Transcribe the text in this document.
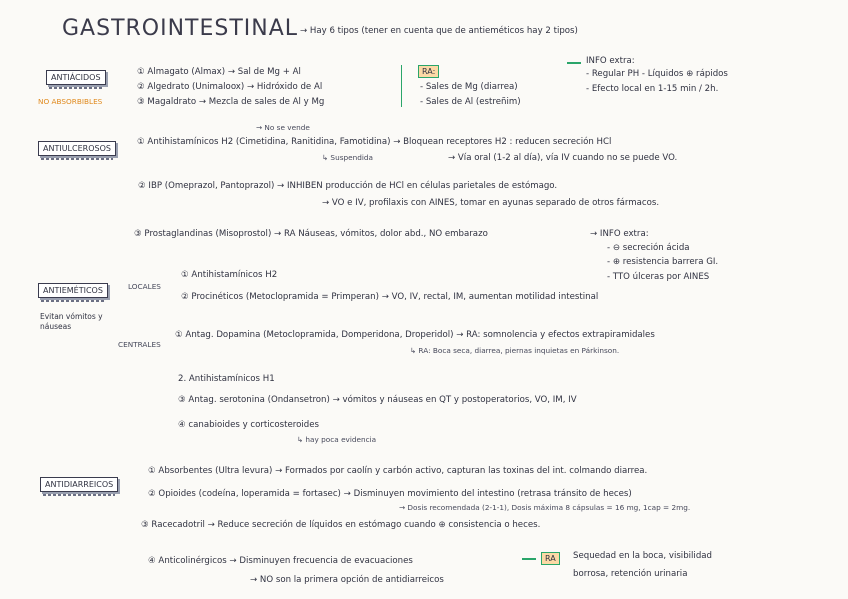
GASTROINTESTINAL → Hay 6 tipos (tener en cuenta que de antieméticos hay 2 tipos)
ANTIÁCIDOS
NO ABSORBIBLES
① Almagato (Almax) → Sal de Mg + Al
② Algedrato (Unimaloox) → Hidróxido de Al
③ Magaldrato → Mezcla de sales de Al y Mg
RA:
- Sales de Mg (diarrea)
- Sales de Al (estreñim)
INFO extra:
- Regular PH - Líquidos ⊕ rápidos
- Efecto local en 1-15 min / 2h.
ANTIULCEROSOS
→ No se vende
↳ Suspendida
① Antihistamínicos H2 (Cimetidina, Ranitidina, Famotidina) → Bloquean receptores H2 : reducen secreción HCl
→ Vía oral (1-2 al día), vía IV cuando no se puede VO.
② IBP (Omeprazol, Pantoprazol) → INHIBEN producción de HCl en células parietales de estómago.
→ VO e IV, profilaxis con AINES, tomar en ayunas separado de otros fármacos.
③ Prostaglandinas (Misoprostol) → RA Náuseas, vómitos, dolor abd., NO embarazo	→ INFO extra:
- ⊖ secreción ácida
- ⊕ resistencia barrera GI.
- TTO úlceras por AINES
ANTIEMÉTICOS
Evitan vómitos y náuseas
LOCALES
① Antihistamínicos H2
② Procinéticos (Metoclopramida = Primperan) → VO, IV, rectal, IM, aumentan motilidad intestinal
CENTRALES
① Antag. Dopamina (Metoclopramida, Domperidona, Droperidol) → RA: somnolencia y efectos extrapiramidales
↳ RA: Boca seca, diarrea, piernas inquietas en Párkinson.
2. Antihistamínicos H1
③ Antag. serotonina (Ondansetron) → vómitos y náuseas en QT y postoperatorios, VO, IM, IV
④ canabioides y corticosteroides
↳ hay poca evidencia
ANTIDIARREICOS
① Absorbentes (Ultra levura) → Formados por caolín y carbón activo, capturan las toxinas del int. colmando diarrea.
② Opioides (codeína, loperamida = fortasec) → Disminuyen movimiento del intestino (retrasa tránsito de heces)
→ Dosis recomendada (2-1-1), Dosis máxima 8 cápsulas = 16 mg, 1cap = 2mg.
③ Racecadotril → Reduce secreción de líquidos en estómago cuando ⊕ consistencia o heces.
④ Anticolinérgicos → Disminuyen frecuencia de evacuaciones
→ NO son la primera opción de antidiarreicos
RA	Sequedad en la boca, visibilidad
borrosa, retención urinaria
